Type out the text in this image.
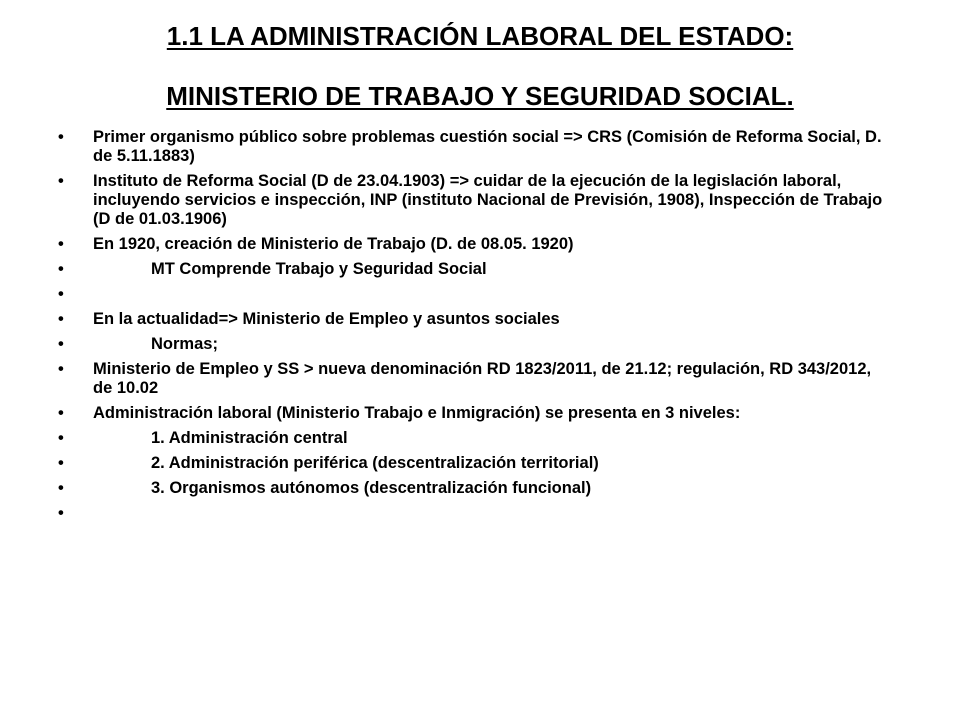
1.1 LA ADMINISTRACIÓN LABORAL DEL ESTADO:
MINISTERIO DE TRABAJO Y SEGURIDAD SOCIAL.
•	Primer organismo público sobre problemas cuestión social => CRS (Comisión de Reforma Social, D. de 5.11.1883)
•	Instituto de Reforma Social (D de 23.04.1903) => cuidar de la ejecución de la legislación laboral, incluyendo servicios e inspección, INP (instituto Nacional de Previsión, 1908), Inspección de Trabajo (D de 01.03.1906)
•	En 1920, creación de Ministerio de Trabajo (D. de 08.05. 1920)
•	MT Comprende Trabajo y Seguridad Social
•
•	En la actualidad=> Ministerio de Empleo y asuntos sociales
•	Normas;
•	Ministerio de Empleo y SS > nueva denominación RD 1823/2011, de 21.12; regulación, RD 343/2012, de 10.02
•	Administración laboral (Ministerio Trabajo e Inmigración) se presenta en 3 niveles:
•	1. Administración central
•	2. Administración periférica (descentralización territorial)
•	3. Organismos autónomos (descentralización funcional)
•
